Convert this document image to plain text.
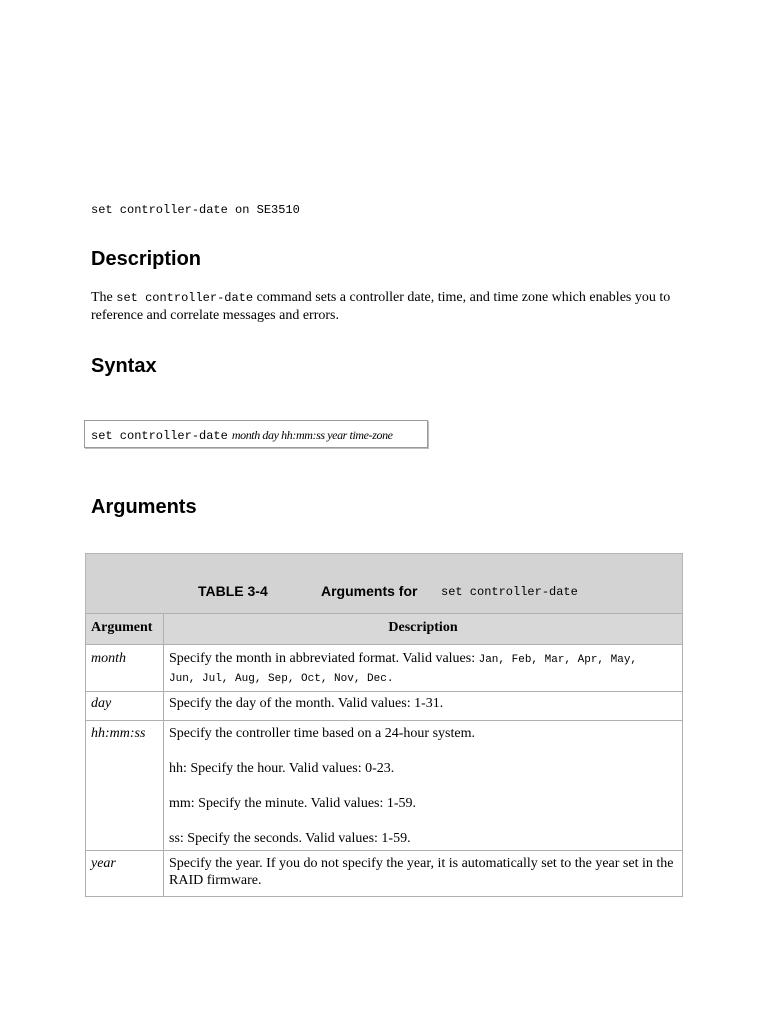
set controller-date on SE3510
Description
The set controller-date command sets a controller date, time, and time zone which enables you to reference and correlate messages and errors.
Syntax
set controller-date month day hh:mm:ss year time-zone
Arguments
TABLE 3-4	Arguments for set controller-date
Argument	Description
month	Specify the month in abbreviated format. Valid values: Jan, Feb, Mar, Apr, May,
Jun, Jul, Aug, Sep, Oct, Nov, Dec.
day	Specify the day of the month. Valid values: 1-31.
hh:mm:ss	Specify the controller time based on a 24-hour system.
hh: Specify the hour. Valid values: 0-23.
mm: Specify the minute. Valid values: 1-59.
ss: Specify the seconds. Valid values: 1-59.

year	Specify the year. If you do not specify the year, it is automatically set to the year set in the RAID firmware.
